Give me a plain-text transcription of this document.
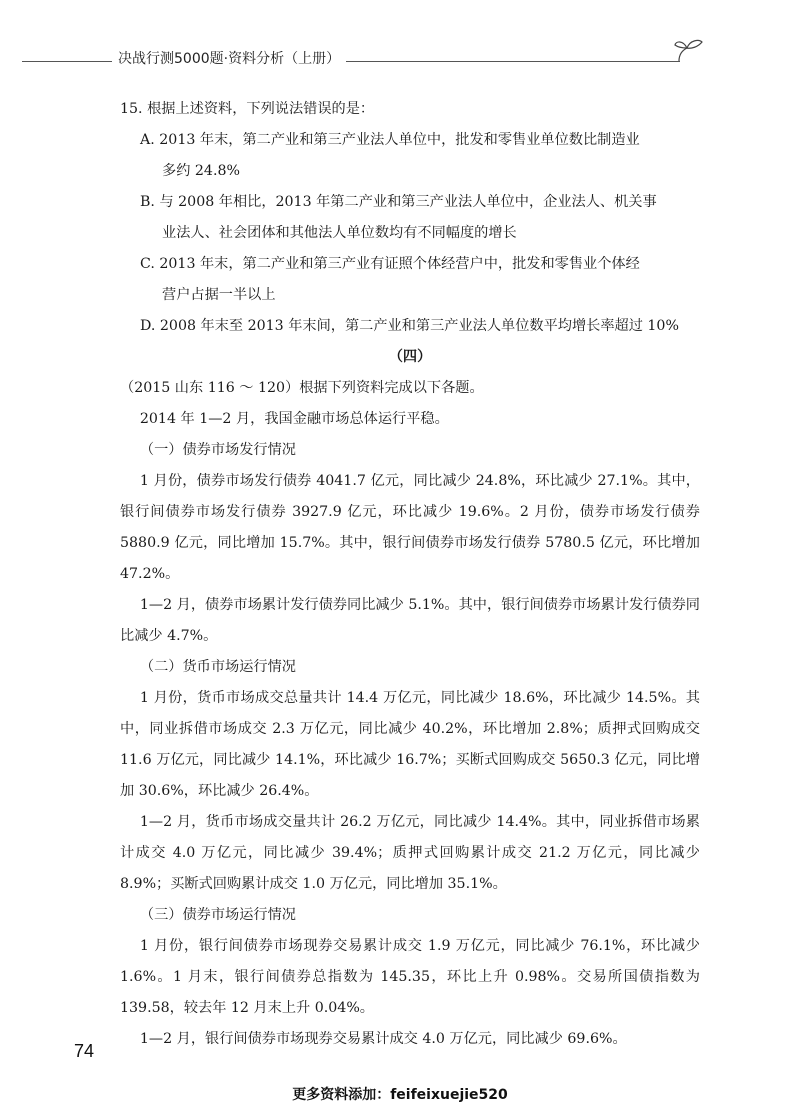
决战行测5000题·资料分析（上册）
15. 根据上述资料，下列说法错误的是：
A. 2013 年末，第二产业和第三产业法人单位中，批发和零售业单位数比制造业
多约 24.8%
B. 与 2008 年相比，2013 年第二产业和第三产业法人单位中，企业法人、机关事
业法人、社会团体和其他法人单位数均有不同幅度的增长
C. 2013 年末，第二产业和第三产业有证照个体经营户中，批发和零售业个体经
营户占据一半以上
D. 2008 年末至 2013 年末间，第二产业和第三产业法人单位数平均增长率超过 10%
（四）
（2015 山东 116 ～ 120）根据下列资料完成以下各题。
2014 年 1—2 月，我国金融市场总体运行平稳。
（一）债券市场发行情况
1 月份，债券市场发行债券 4041.7 亿元，同比减少 24.8%，环比减少 27.1%。其中，银行间债券市场发行债券 3927.9 亿元，环比减少 19.6%。2 月份，债券市场发行债券 5880.9 亿元，同比增加 15.7%。其中，银行间债券市场发行债券 5780.5 亿元，环比增加 47.2%。
1—2 月，债券市场累计发行债券同比减少 5.1%。其中，银行间债券市场累计发行债券同比减少 4.7%。
（二）货币市场运行情况
1 月份，货币市场成交总量共计 14.4 万亿元，同比减少 18.6%，环比减少 14.5%。其中，同业拆借市场成交 2.3 万亿元，同比减少 40.2%，环比增加 2.8%；质押式回购成交 11.6 万亿元，同比减少 14.1%，环比减少 16.7%；买断式回购成交 5650.3 亿元，同比增加 30.6%，环比减少 26.4%。
1—2 月，货币市场成交量共计 26.2 万亿元，同比减少 14.4%。其中，同业拆借市场累计成交 4.0 万亿元，同比减少 39.4%；质押式回购累计成交 21.2 万亿元，同比减少 8.9%；买断式回购累计成交 1.0 万亿元，同比增加 35.1%。
（三）债券市场运行情况
1 月份，银行间债券市场现券交易累计成交 1.9 万亿元，同比减少 76.1%，环比减少 1.6%。1 月末，银行间债券总指数为 145.35，环比上升 0.98%。交易所国债指数为 139.58，较去年 12 月末上升 0.04%。
1—2 月，银行间债券市场现券交易累计成交 4.0 万亿元，同比减少 69.6%。
74
更多资料添加：feifeixuejie520
